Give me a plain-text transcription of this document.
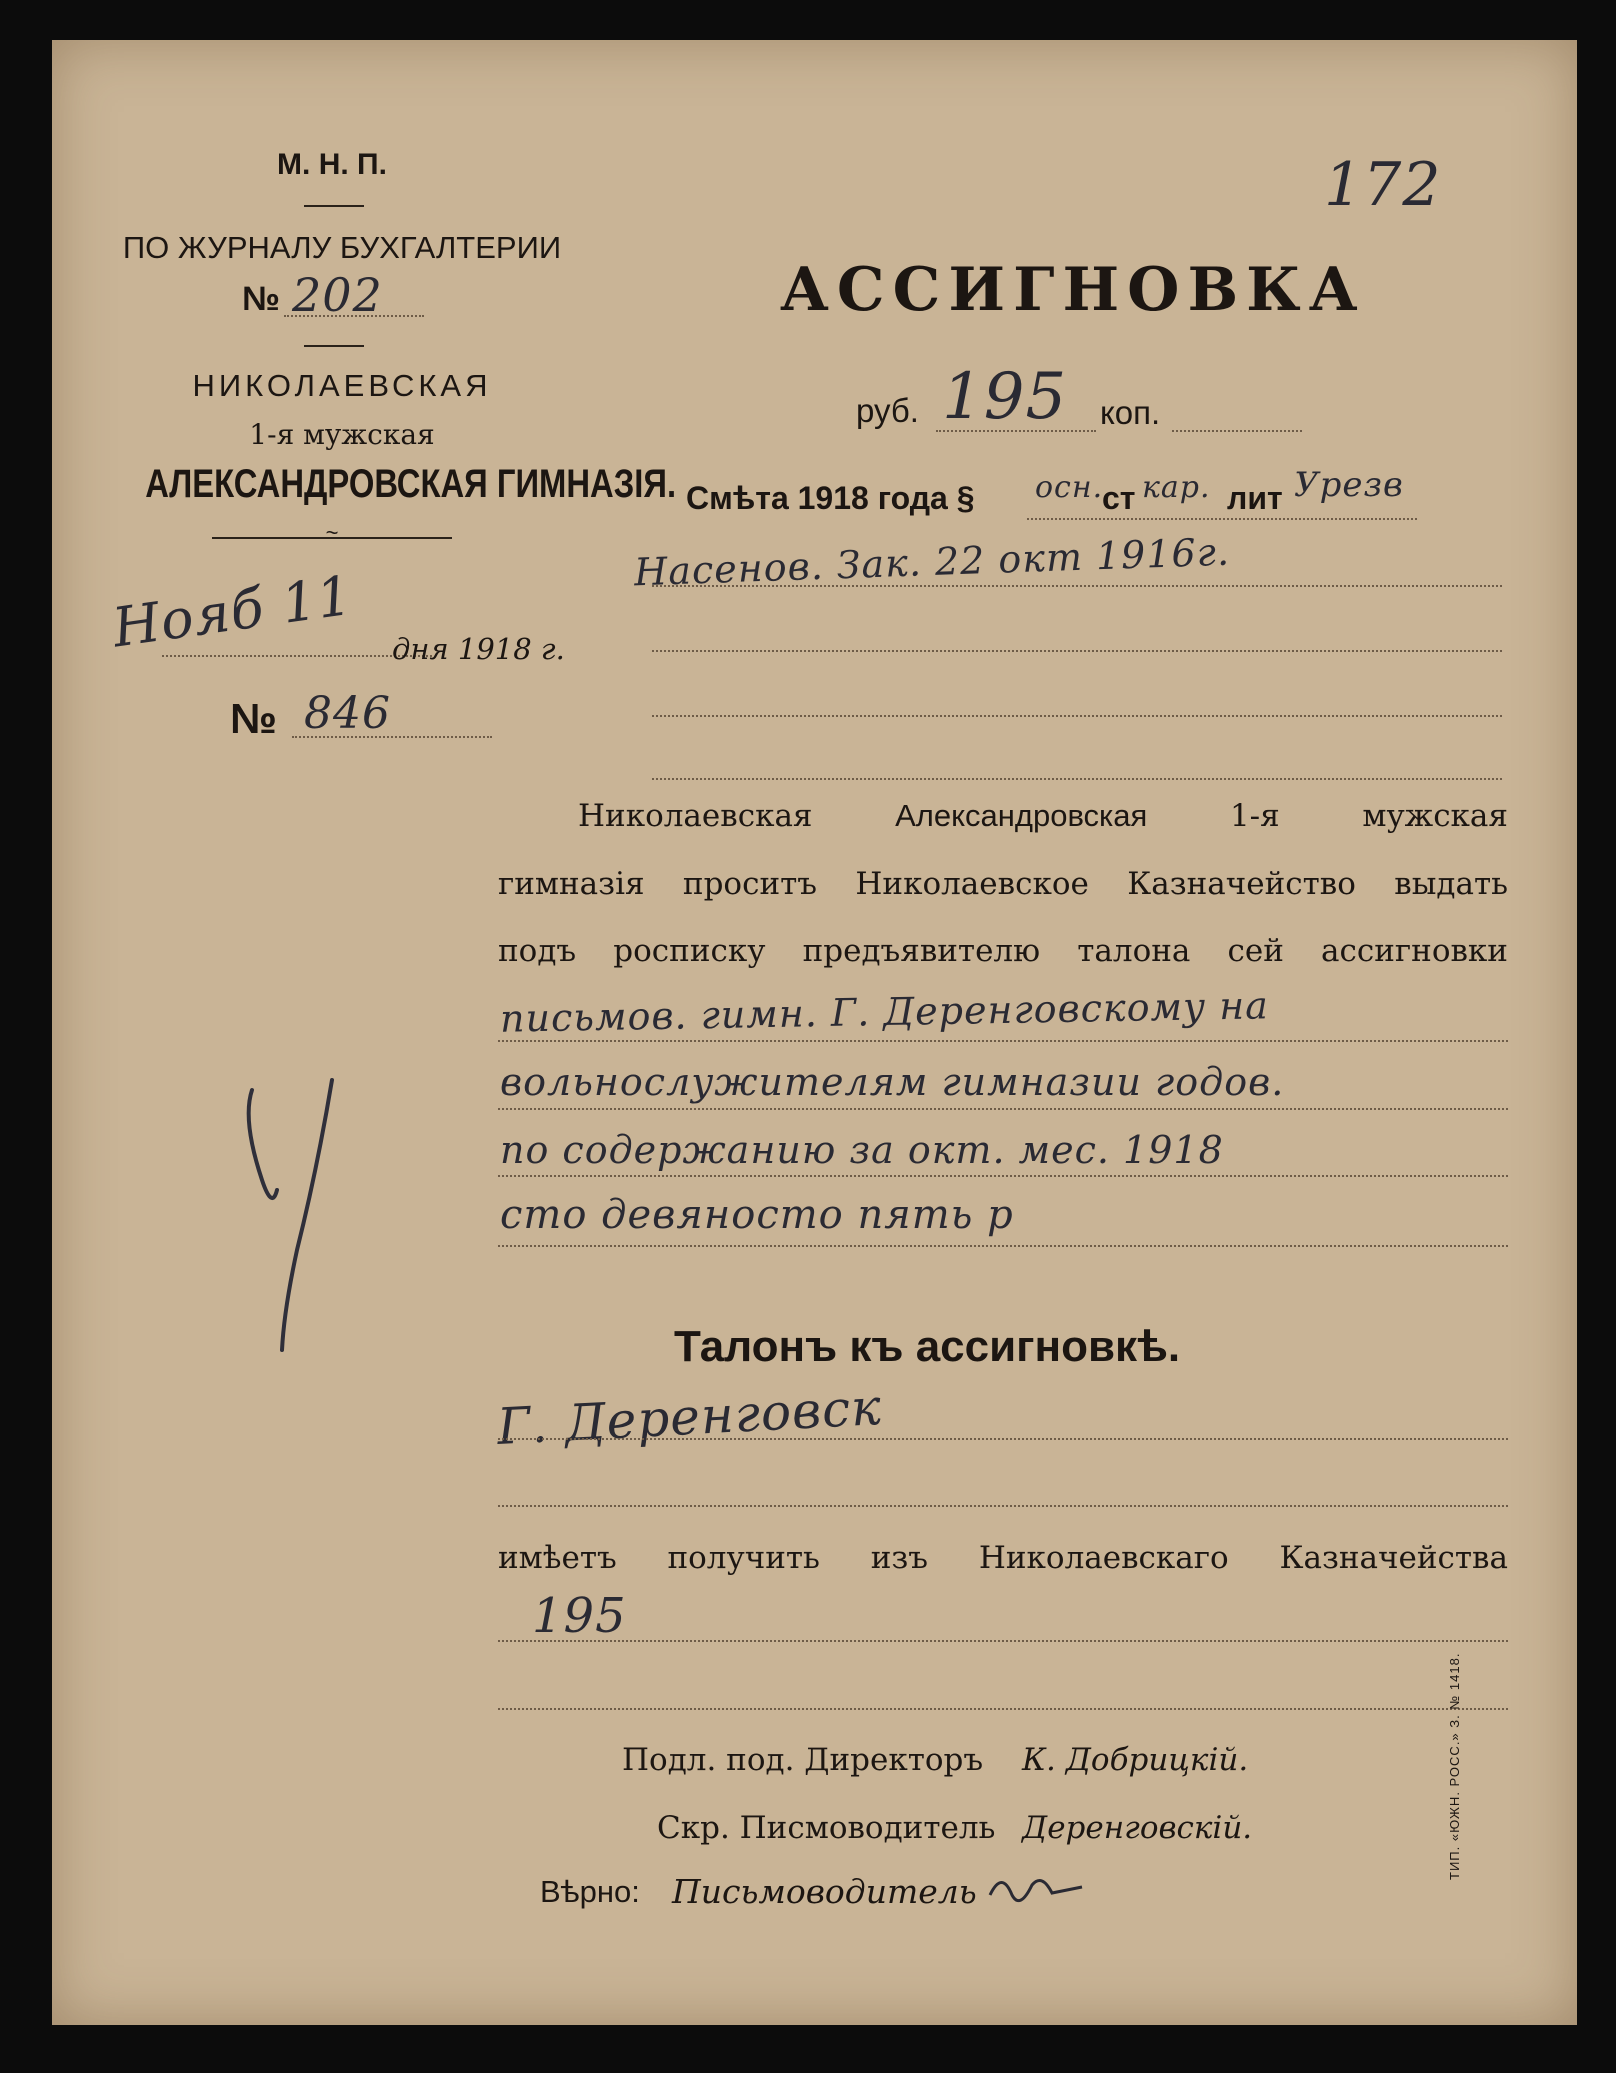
172
М. Н. П.
ПО ЖУРНАЛУ БУХГАЛТЕРИИ
№ 202
НИКОЛАЕВСКАЯ
1-я мужская
АЛЕКСАНДРОВСКАЯ ГИМНАЗIЯ.
~
Нояб 11 дня 1918 г.
№ 846
АССИГНОВКА
руб. 195 коп.
Смѣта 1918 года § осн.
ст кар. лит Урезв
Насенов. Зак. 22 окт 1916г.
Николаевская	Александровская	1-я	мужская
гимназiя проситъ Николаевское Казначейство выдать
подъ росписку предъявителю талона сей ассигновки
письмов. гимн. Г. Деренговскому на
вольнослужителям гимназии годов.
по содержанию за окт. мес. 1918
сто девяносто пять р
Талонъ къ ассигновкѣ.
Г. Деренговск
имѣетъ получить изъ Николаевскаго Казначейства
195
Подл. под. Директоръ К. Добрицкiй.
Скр. Писмоводитель Деренговскiй.
Вѣрно: Письмоводитель
ТИП. «ЮЖН. РОСС.» З. № 1418.
